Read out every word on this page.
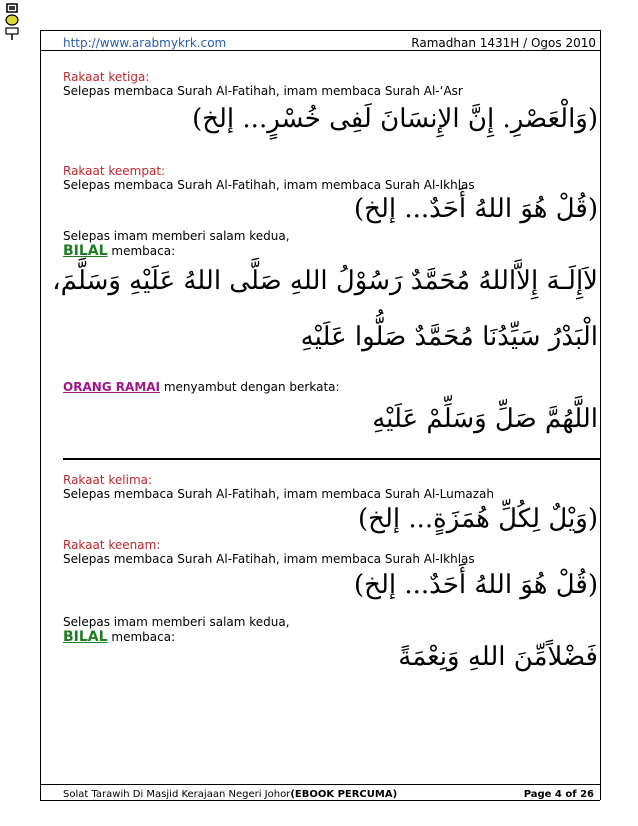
http://www.arabmykrk.com	Ramadhan 1431H / Ogos 2010
Rakaat ketiga:
Selepas membaca Surah Al-Fatihah, imam membaca Surah Al-‘Asr
(وَالْعَصْرِ. إِنَّ الإِنسَانَ لَفِى خُسْرٍ... إلخ)
Rakaat keempat:
Selepas membaca Surah Al-Fatihah, imam membaca Surah Al-Ikhlas
(قُلْ هُوَ اللهُ أَحَدٌ... إلخ)
Selepas imam memberi salam kedua,
BILAL membaca:
لاَإِلَـهَ إِلاَّاللهُ مُحَمَّدٌ رَسُوْلُ اللهِ صَلَّى اللهُ عَلَيْهِ وَسَلَّمَ،
الْبَدْرُ سَيِّدُنَا مُحَمَّدٌ صَلُّوا عَلَيْهِ
ORANG RAMAI menyambut dengan berkata:
اللَّهُمَّ صَلِّ وَسَلِّمْ عَلَيْهِ
Rakaat kelima:
Selepas membaca Surah Al-Fatihah, imam membaca Surah Al-Lumazah
(وَيْلٌ لِكُلِّ هُمَزَةٍ... إلخ)
Rakaat keenam:
Selepas membaca Surah Al-Fatihah, imam membaca Surah Al-Ikhlas
(قُلْ هُوَ اللهُ أَحَدٌ... إلخ)
Selepas imam memberi salam kedua,
BILAL membaca:
فَضْلاًمِّنَ اللهِ وَنِعْمَةً
Solat Tarawih Di Masjid Kerajaan Negeri Johor(EBOOK PERCUMA)	Page 4 of 26
